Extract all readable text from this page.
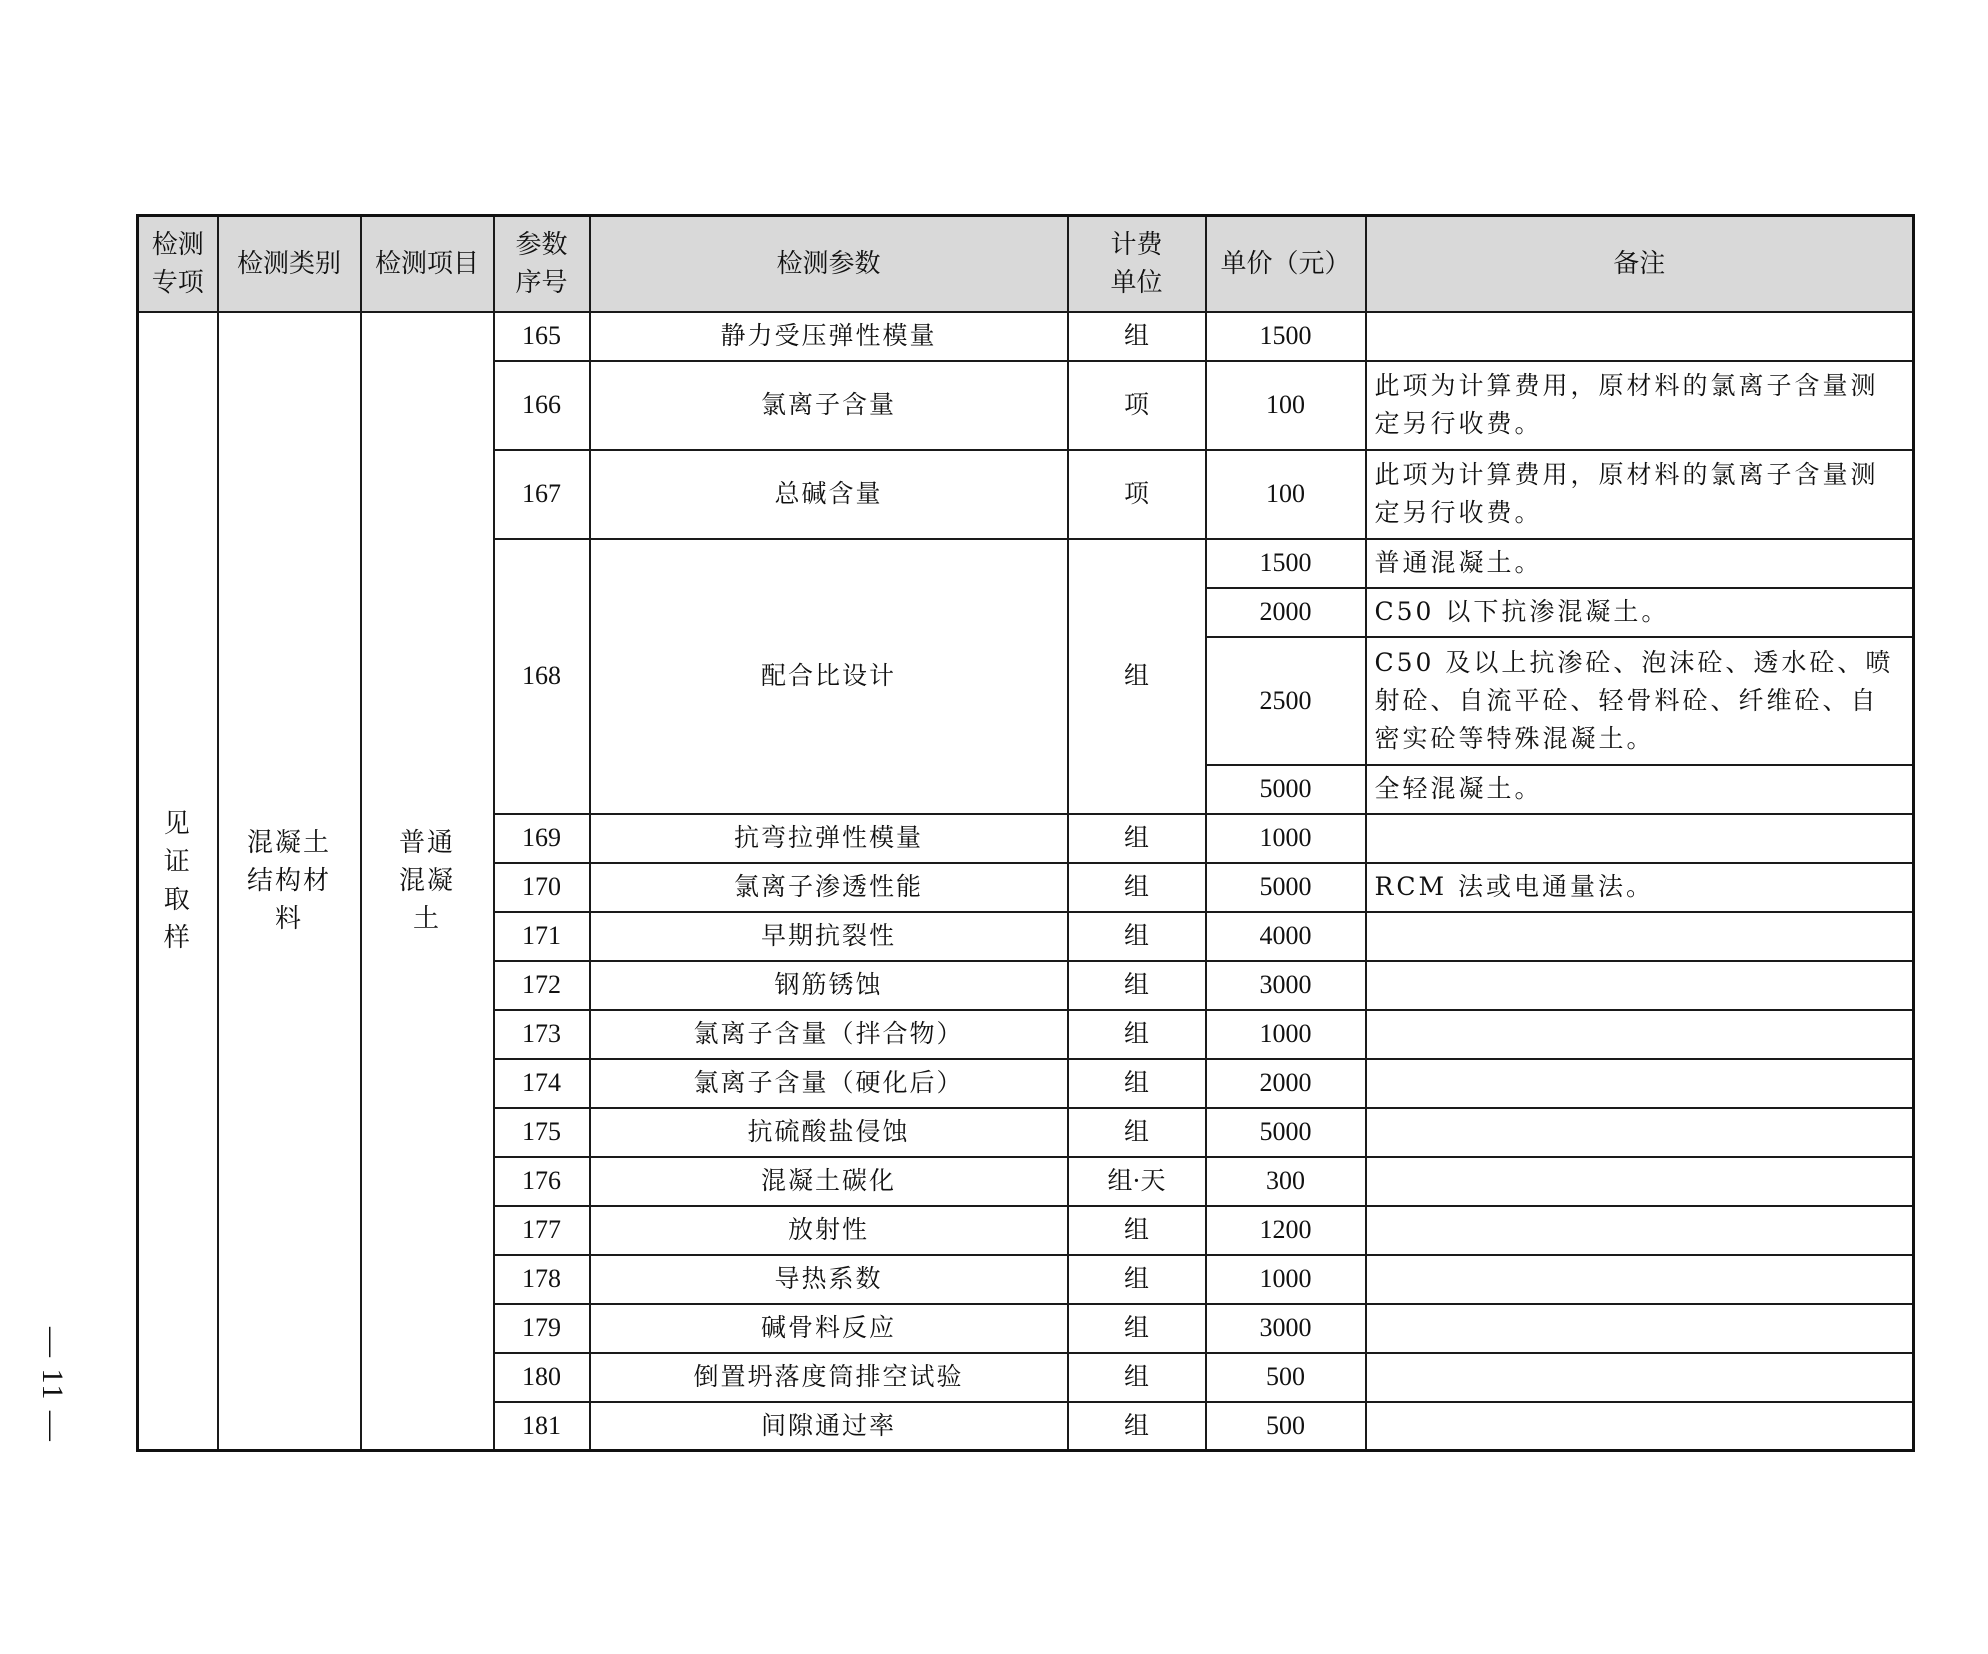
— 11 —
检测专项	检测类别	检测项目	参数序号	检测参数	计费单位	单价（元）	备注
见证取样	混凝土结构材料	普通混凝土	165	静力受压弹性模量	组	1500	
			166	氯离子含量	项	100	此项为计算费用，原材料的氯离子含量测定另行收费。
			167	总碱含量	项	100	此项为计算费用，原材料的氯离子含量测定另行收费。
			168	配合比设计	组	1500	普通混凝土。
						2000	C50 以下抗渗混凝土。
						2500	C50 及以上抗渗砼、泡沫砼、透水砼、喷射砼、自流平砼、轻骨料砼、纤维砼、自密实砼等特殊混凝土。
						5000	全轻混凝土。
			169	抗弯拉弹性模量	组	1000	
			170	氯离子渗透性能	组	5000	RCM 法或电通量法。
			171	早期抗裂性	组	4000	
			172	钢筋锈蚀	组	3000	
			173	氯离子含量（拌合物）	组	1000	
			174	氯离子含量（硬化后）	组	2000	
			175	抗硫酸盐侵蚀	组	5000	
			176	混凝土碳化	组·天	300	
			177	放射性	组	1200	
			178	导热系数	组	1000	
			179	碱骨料反应	组	3000	
			180	倒置坍落度筒排空试验	组	500	
			181	间隙通过率	组	500	
